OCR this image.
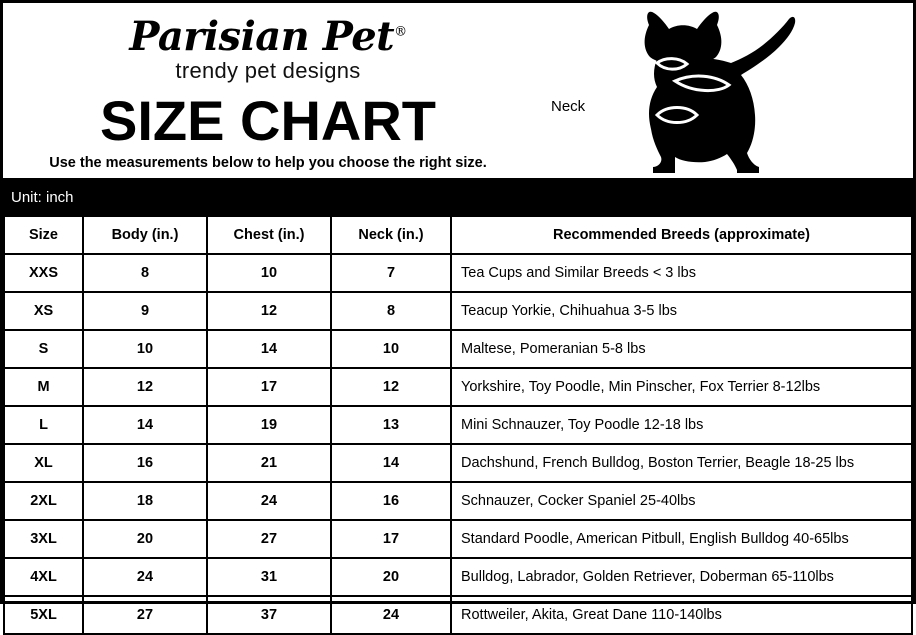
Parisian Pet®
trendy pet designs
SIZE CHART
Use the measurements below to help you choose the right size.
Body
Neck
Chest
Unit: inch
Size	Body (in.)	Chest (in.)	Neck (in.)	Recommended Breeds (approximate)
XXS	8	10	7	Tea Cups and Similar Breeds < 3 lbs
XS	9	12	8	Teacup Yorkie, Chihuahua 3-5 lbs
S	10	14	10	Maltese, Pomeranian 5-8 lbs
M	12	17	12	Yorkshire, Toy Poodle, Min Pinscher, Fox Terrier 8-12lbs
L	14	19	13	Mini Schnauzer, Toy Poodle 12-18 lbs
XL	16	21	14	Dachshund, French Bulldog, Boston Terrier, Beagle 18-25 lbs
2XL	18	24	16	Schnauzer, Cocker Spaniel 25-40lbs
3XL	20	27	17	Standard Poodle, American Pitbull, English Bulldog 40-65lbs
4XL	24	31	20	Bulldog, Labrador, Golden Retriever, Doberman 65-110lbs
5XL	27	37	24	Rottweiler, Akita, Great Dane 110-140lbs
